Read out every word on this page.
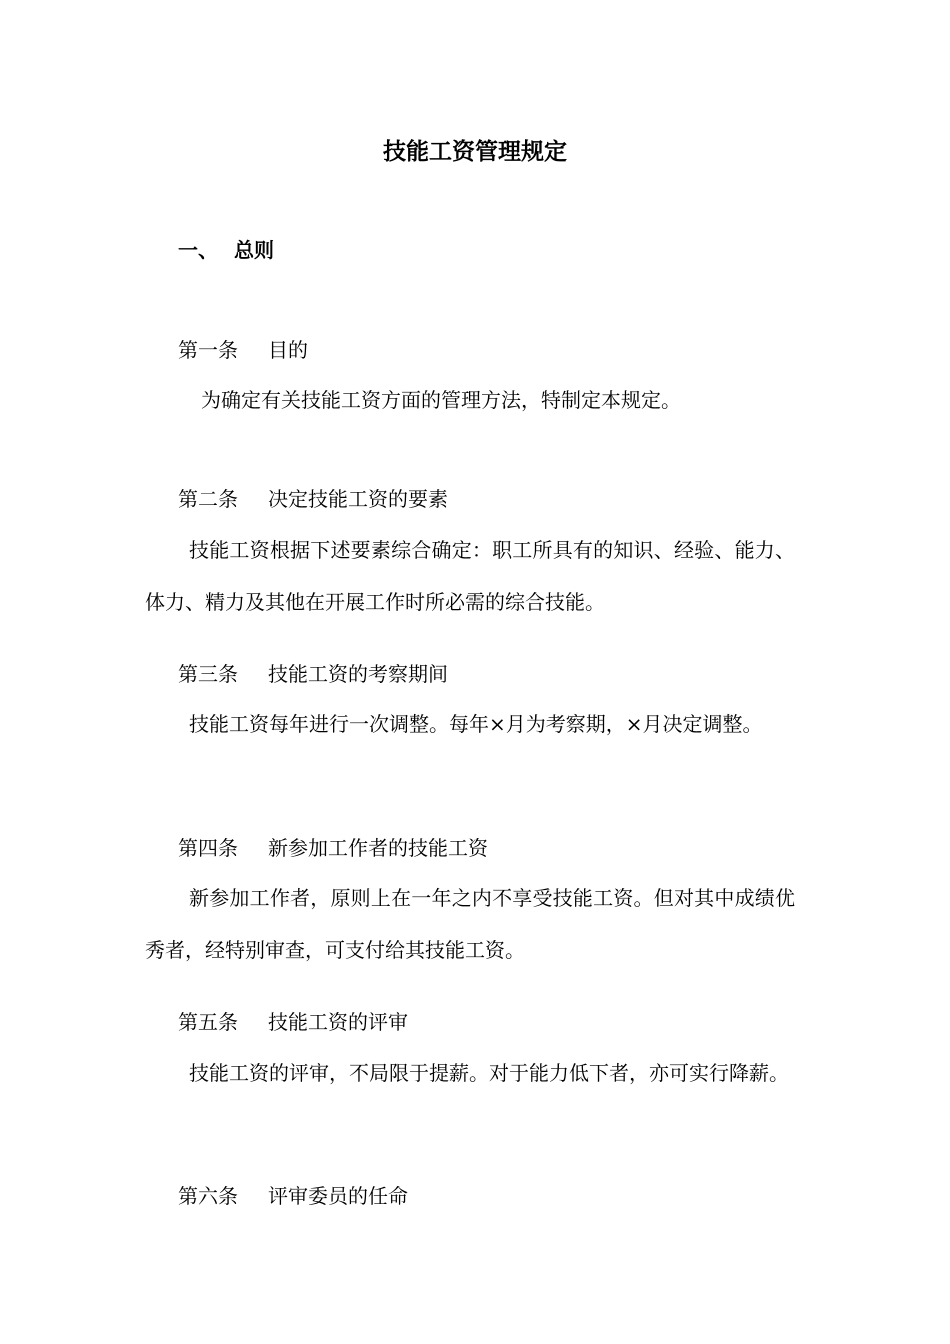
技能工资管理规定
一、 总则
第一条 目的
为确定有关技能工资方面的管理方法，特制定本规定。
第二条 决定技能工资的要素
技能工资根据下述要素综合确定：职工所具有的知识、经验、能力、体力、精力及其他在开展工作时所必需的综合技能。
第三条 技能工资的考察期间
技能工资每年进行一次调整。每年×月为考察期，×月决定调整。
第四条 新参加工作者的技能工资
新参加工作者，原则上在一年之内不享受技能工资。但对其中成绩优秀者，经特别审查，可支付给其技能工资。
第五条 技能工资的评审
技能工资的评审，不局限于提薪。对于能力低下者，亦可实行降薪。
第六条 评审委员的任命
